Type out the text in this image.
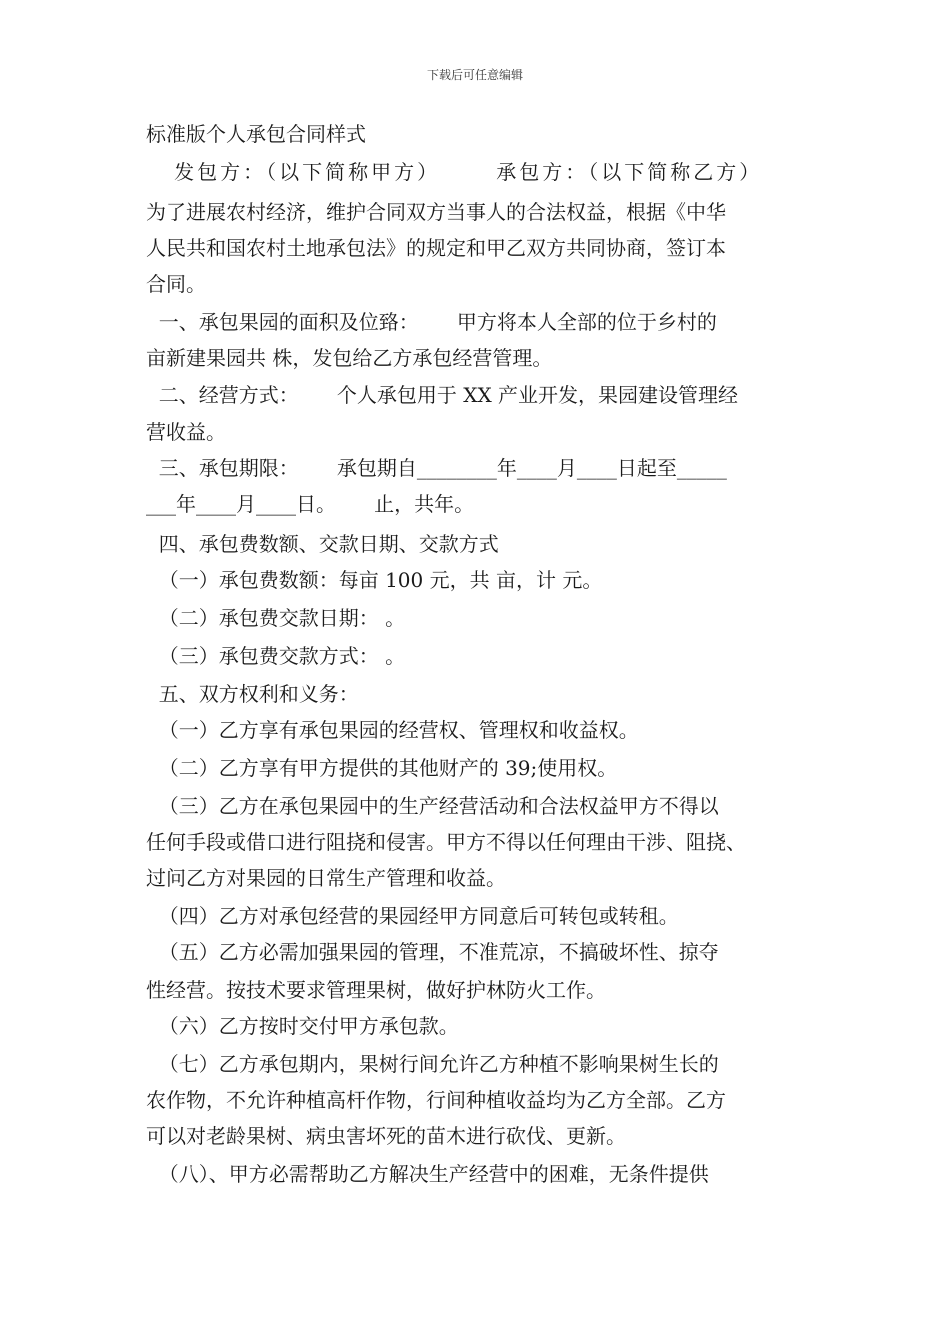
下载后可任意编辑
标准版个人承包合同样式
发包方：（以下简称甲方）      承包方：（以下简称乙方）
为了进展农村经济，维护合同双方当事人的合法权益，根据《中华
人民共和国农村土地承包法》的规定和甲乙双方共同协商，签订本
合同。
一、承包果园的面积及位臵：      甲方将本人全部的位于乡村的
亩新建果园共 株，发包给乙方承包经营管理。
二、经营方式：      个人承包用于 XX 产业开发，果园建设管理经
营收益。
三、承包期限：      承包期自________年____月____日起至_____
___年____月____日。      止，共年。
四、承包费数额、交款日期、交款方式
（一）承包费数额：每亩 100 元，共 亩，计 元。
（二）承包费交款日期： 。
（三）承包费交款方式： 。
五、双方权利和义务：
（一）乙方享有承包果园的经营权、管理权和收益权。
（二）乙方享有甲方提供的其他财产的 39;使用权。
（三）乙方在承包果园中的生产经营活动和合法权益甲方不得以
任何手段或借口进行阻挠和侵害。甲方不得以任何理由干涉、阻挠、
过问乙方对果园的日常生产管理和收益。
（四）乙方对承包经营的果园经甲方同意后可转包或转租。
（五）乙方必需加强果园的管理，不准荒凉，不搞破坏性、掠夺
性经营。按技术要求管理果树，做好护林防火工作。
（六）乙方按时交付甲方承包款。
（七）乙方承包期内，果树行间允许乙方种植不影响果树生长的
农作物，不允许种植高杆作物，行间种植收益均为乙方全部。乙方
可以对老龄果树、病虫害坏死的苗木进行砍伐、更新。
（八）、甲方必需帮助乙方解决生产经营中的困难，无条件提供
